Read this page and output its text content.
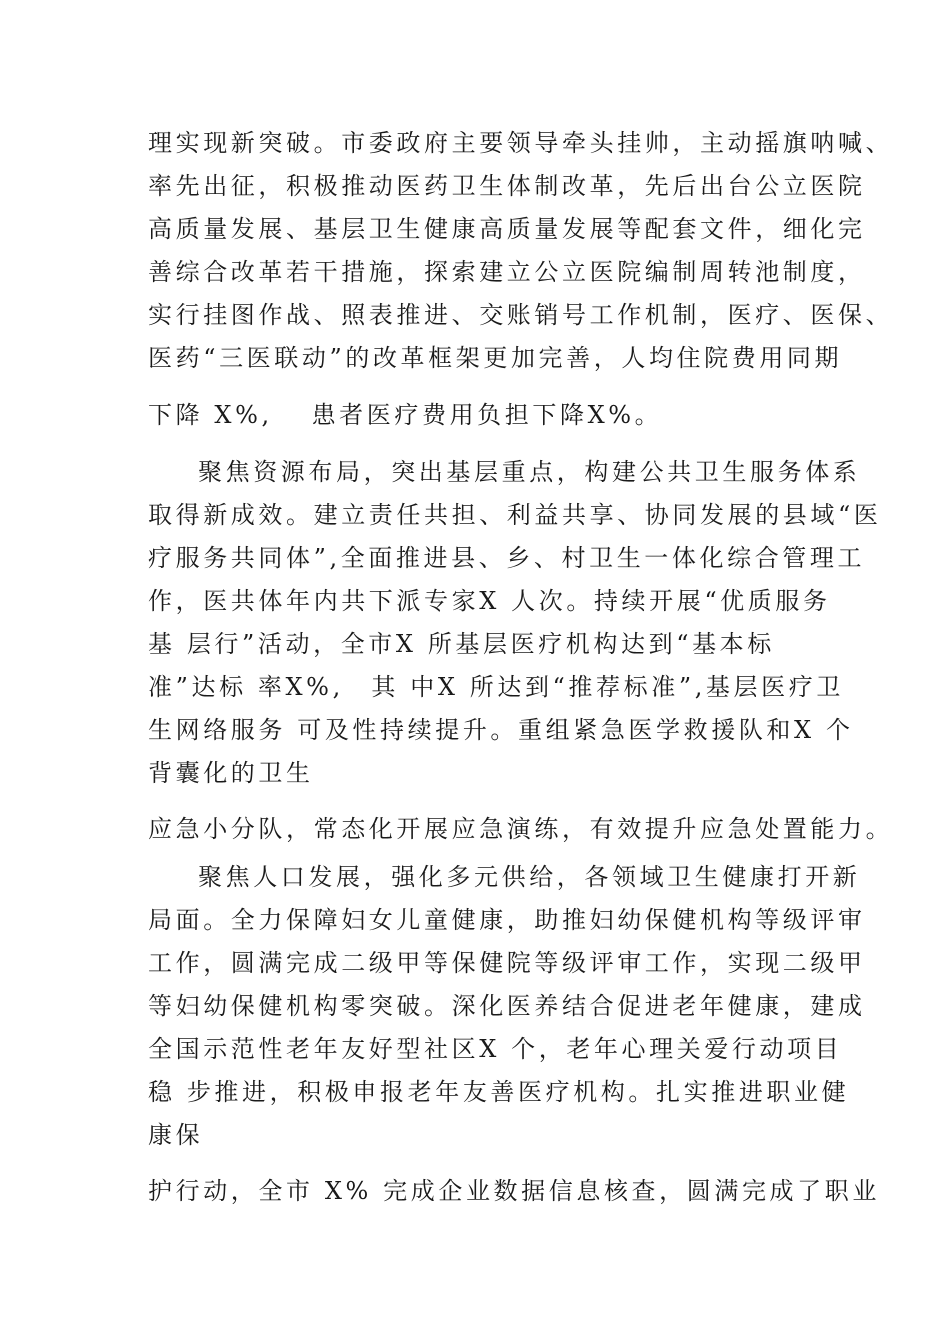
理实现新突破。市委政府主要领导牵头挂帅，主动摇旗呐喊、
率先出征，积极推动医药卫生体制改革，先后出台公立医院
高质量发展、基层卫生健康高质量发展等配套文件，细化完
善综合改革若干措施，探索建立公立医院编制周转池制度，
实行挂图作战、照表推进、交账销号工作机制，医疗、医保、
医药“三医联动”的改革框架更加完善，人均住院费用同期
下降 X%,　 患者医疗费用负担下降X%。
聚焦资源布局，突出基层重点，构建公共卫生服务体系
取得新成效。建立责任共担、利益共享、协同发展的县域“医
疗服务共同体”,全面推进县、乡、村卫生一体化综合管理工
作，医共体年内共下派专家X 人次。持续开展“优质服务
基 层行”活动，全市X 所基层医疗机构达到“基本标
准”达标 率X%,　其 中X 所达到“推荐标准”,基层医疗卫
生网络服务 可及性持续提升。重组紧急医学救援队和X 个
背囊化的卫生
应急小分队，常态化开展应急演练，有效提升应急处置能力。
聚焦人口发展，强化多元供给，各领域卫生健康打开新
局面。全力保障妇女儿童健康，助推妇幼保健机构等级评审
工作，圆满完成二级甲等保健院等级评审工作，实现二级甲
等妇幼保健机构零突破。深化医养结合促进老年健康，建成
全国示范性老年友好型社区X 个，老年心理关爱行动项目
稳 步推进，积极申报老年友善医疗机构。扎实推进职业健
康保
护行动，全市 X% 完成企业数据信息核查，圆满完成了职业
